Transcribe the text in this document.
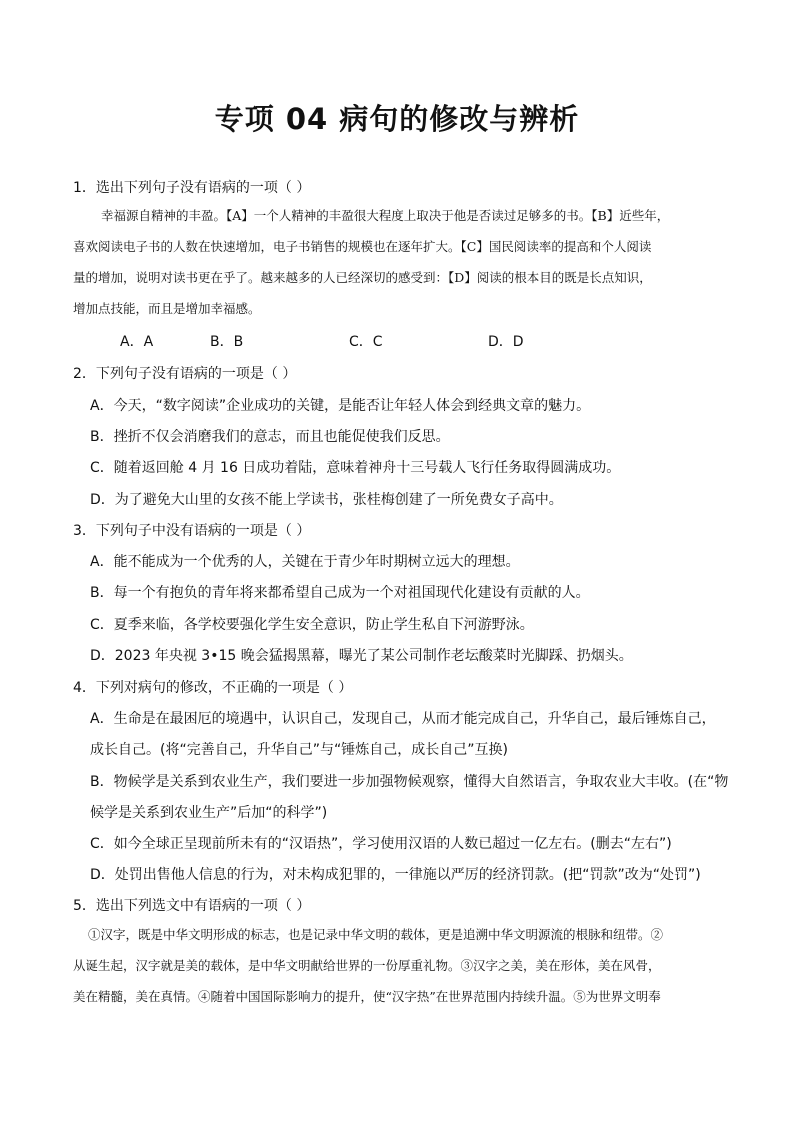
专项 04 病句的修改与辨析
1．选出下列句子没有语病的一项（ ）
幸福源自精神的丰盈。【A】一个人精神的丰盈很大程度上取决于他是否读过足够多的书。【B】近些年，
喜欢阅读电子书的人数在快速增加，电子书销售的规模也在逐年扩大。【C】国民阅读率的提高和个人阅读
量的增加，说明对读书更在乎了。越来越多的人已经深切的感受到：【D】阅读的根本目的既是长点知识，
增加点技能，而且是增加幸福感。
A．A	B．B	C．C	D．D
2．下列句子没有语病的一项是（ ）
A．今天，“数字阅读”企业成功的关键，是能否让年轻人体会到经典文章的魅力。
B．挫折不仅会消磨我们的意志，而且也能促使我们反思。
C．随着返回舱 4 月 16 日成功着陆，意味着神舟十三号载人飞行任务取得圆满成功。
D．为了避免大山里的女孩不能上学读书，张桂梅创建了一所免费女子高中。
3．下列句子中没有语病的一项是（ ）
A．能不能成为一个优秀的人，关键在于青少年时期树立远大的理想。
B．每一个有抱负的青年将来都希望自己成为一个对祖国现代化建设有贡献的人。
C．夏季来临，各学校要强化学生安全意识，防止学生私自下河游野泳。
D．2023 年央视 3•15 晚会猛揭黑幕，曝光了某公司制作老坛酸菜时光脚踩、扔烟头。
4．下列对病句的修改，不正确的一项是（ ）
A．生命是在最困厄的境遇中，认识自己，发现自己，从而才能完成自己，升华自己，最后锤炼自己，
成长自己。(将“完善自己，升华自己”与“锤炼自己，成长自己”互换)
B．物候学是关系到农业生产，我们要进一步加强物候观察，懂得大自然语言，争取农业大丰收。(在“物
候学是关系到农业生产”后加“的科学”)
C．如今全球正呈现前所未有的“汉语热”，学习使用汉语的人数已超过一亿左右。(删去“左右”)
D．处罚出售他人信息的行为，对未构成犯罪的，一律施以严厉的经济罚款。(把“罚款”改为“处罚”)
5．选出下列选文中有语病的一项（ ）
①汉字，既是中华文明形成的标志，也是记录中华文明的载体，更是追溯中华文明源流的根脉和纽带。②
从诞生起，汉字就是美的载体，是中华文明献给世界的一份厚重礼物。③汉字之美，美在形体，美在风骨，
美在精髓，美在真情。④随着中国国际影响力的提升，使“汉字热”在世界范围内持续升温。⑤为世界文明奉
